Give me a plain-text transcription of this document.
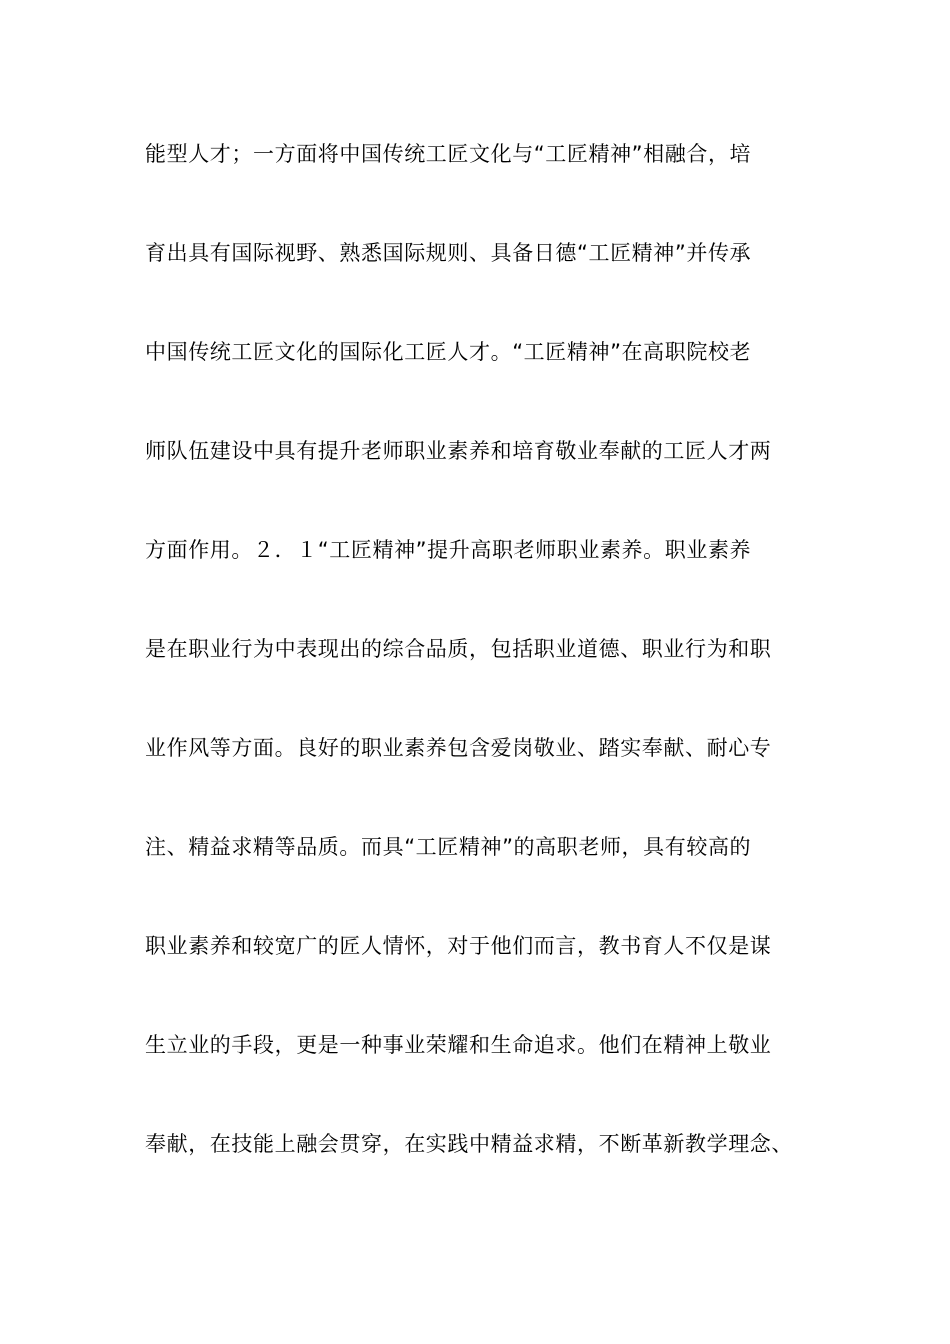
能型人才；一方面将中国传统工匠文化与“工匠精神”相融合，培
育出具有国际视野、熟悉国际规则、具备日德“工匠精神”并传承
中国传统工匠文化的国际化工匠人才。“工匠精神”在高职院校老
师队伍建设中具有提升老师职业素养和培育敬业奉献的工匠人才两
方面作用。２．１“工匠精神”提升高职老师职业素养。职业素养
是在职业行为中表现出的综合品质，包括职业道德、职业行为和职
业作风等方面。良好的职业素养包含爱岗敬业、踏实奉献、耐心专
注、精益求精等品质。而具“工匠精神”的高职老师，具有较高的
职业素养和较宽广的匠人情怀，对于他们而言，教书育人不仅是谋
生立业的手段，更是一种事业荣耀和生命追求。他们在精神上敬业
奉献，在技能上融会贯穿，在实践中精益求精，不断革新教学理念、
